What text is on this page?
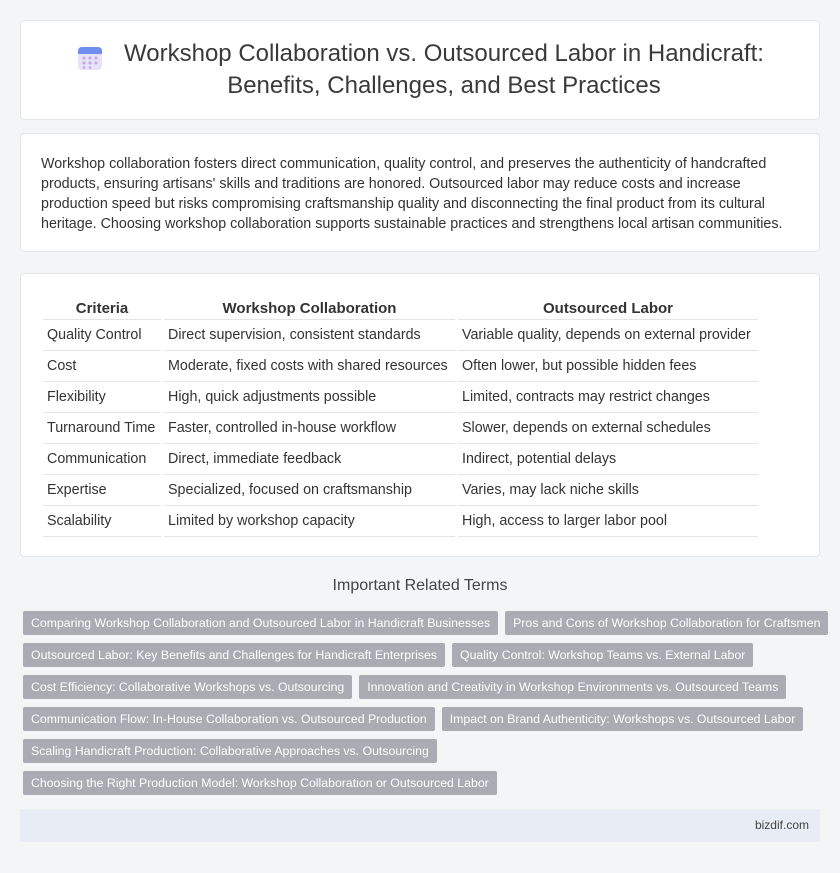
Workshop Collaboration vs. Outsourced Labor in Handicraft:
Benefits, Challenges, and Best Practices

Workshop collaboration fosters direct communication, quality control, and preserves the authenticity of handcrafted products, ensuring artisans' skills and traditions are honored. Outsourced labor may reduce costs and increase production speed but risks compromising craftsmanship quality and disconnecting the final product from its cultural heritage. Choosing workshop collaboration supports sustainable practices and strengthens local artisan communities.

Criteria	Workshop Collaboration	Outsourced Labor
Quality Control	Direct supervision, consistent standards	Variable quality, depends on external provider
Cost	Moderate, fixed costs with shared resources	Often lower, but possible hidden fees
Flexibility	High, quick adjustments possible	Limited, contracts may restrict changes
Turnaround Time	Faster, controlled in-house workflow	Slower, depends on external schedules
Communication	Direct, immediate feedback	Indirect, potential delays
Expertise	Specialized, focused on craftsmanship	Varies, may lack niche skills
Scalability	Limited by workshop capacity	High, access to larger labor pool
Important Related Terms
Comparing Workshop Collaboration and Outsourced Labor in Handicraft Businesses	Pros and Cons of Workshop Collaboration for Craftsmen
Outsourced Labor: Key Benefits and Challenges for Handicraft Enterprises	Quality Control: Workshop Teams vs. External Labor
Cost Efficiency: Collaborative Workshops vs. Outsourcing	Innovation and Creativity in Workshop Environments vs. Outsourced Teams
Communication Flow: In-House Collaboration vs. Outsourced Production	Impact on Brand Authenticity: Workshops vs. Outsourced Labor
Scaling Handicraft Production: Collaborative Approaches vs. Outsourcing
Choosing the Right Production Model: Workshop Collaboration or Outsourced Labor
bizdif.com
